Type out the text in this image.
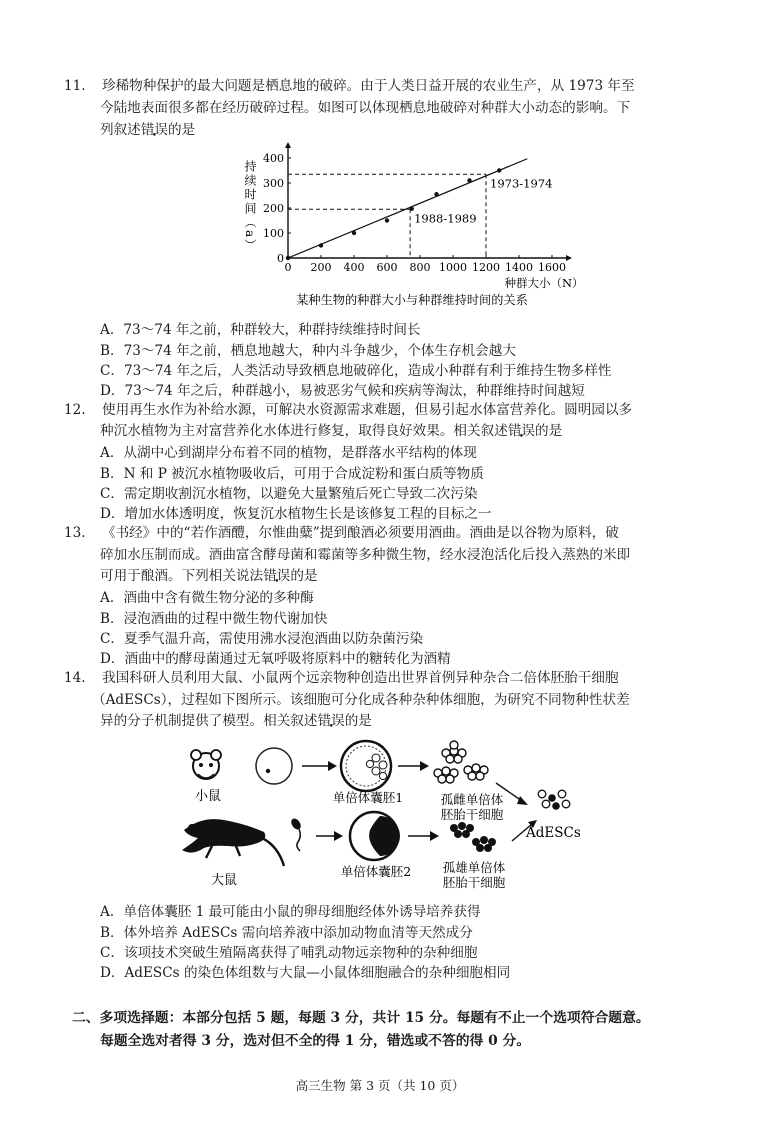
11. 珍稀物种保护的最大问题是栖息地的破碎。由于人类日益开展的农业生产，从 1973 年至
今陆地表面很多都在经历破碎过程。如图可以体现栖息地破碎对种群大小动态的影响。下
列叙述错误的是
0 200 400 600 800 1000 1200 1400 1600
0
100
200
300
400
持续时间（a）
种群大小（N）
1988-1989
1973-1974
某种生物的种群大小与种群维持时间的关系
A．73～74 年之前，种群较大，种群持续维持时间长
B．73～74 年之前，栖息地越大，种内斗争越少，个体生存机会越大
C．73～74 年之后，人类活动导致栖息地破碎化，造成小种群有利于维持生物多样性
D．73～74 年之后，种群越小，易被恶劣气候和疾病等淘汰，种群维持时间越短
12. 使用再生水作为补给水源，可解决水资源需求难题，但易引起水体富营养化。圆明园以多
种沉水植物为主对富营养化水体进行修复，取得良好效果。相关叙述错误的是
A．从湖中心到湖岸分布着不同的植物，是群落水平结构的体现
B．N 和 P 被沉水植物吸收后，可用于合成淀粉和蛋白质等物质
C．需定期收割沉水植物，以避免大量繁殖后死亡导致二次污染
D．增加水体透明度，恢复沉水植物生长是该修复工程的目标之一
13. 《书经》中的“若作酒醴，尔惟曲糵”提到酿酒必须要用酒曲。酒曲是以谷物为原料，破
碎加水压制而成。酒曲富含酵母菌和霉菌等多种微生物，经水浸泡活化后投入蒸熟的米即
可用于酿酒。下列相关说法错误的是
A．酒曲中含有微生物分泌的多种酶
B．浸泡酒曲的过程中微生物代谢加快
C．夏季气温升高，需使用沸水浸泡酒曲以防杂菌污染
D．酒曲中的酵母菌通过无氧呼吸将原料中的糖转化为酒精
14. 我国科研人员利用大鼠、小鼠两个远亲物种创造出世界首例异种杂合二倍体胚胎干细胞
（AdESCs），过程如下图所示。该细胞可分化成各种杂种体细胞，为研究不同物种性状差
异的分子机制提供了模型。相关叙述错误的是
小鼠	单倍体囊胚1	孤雌单倍体
胚胎干细胞
AdESCs
大鼠
单倍体囊胚2	孤雄单倍体
胚胎干细胞
A．单倍体囊胚 1 最可能由小鼠的卵母细胞经体外诱导培养获得
B．体外培养 AdESCs 需向培养液中添加动物血清等天然成分
C．该项技术突破生殖隔离获得了哺乳动物远亲物种的杂种细胞
D．AdESCs 的染色体组数与大鼠—小鼠体细胞融合的杂种细胞相同
二、多项选择题：本部分包括 5 题，每题 3 分，共计 15 分。每题有不止一个选项符合题意。
每题全选对者得 3 分，选对但不全的得 1 分，错选或不答的得 0 分。
高三生物 第 3 页（共 10 页）
